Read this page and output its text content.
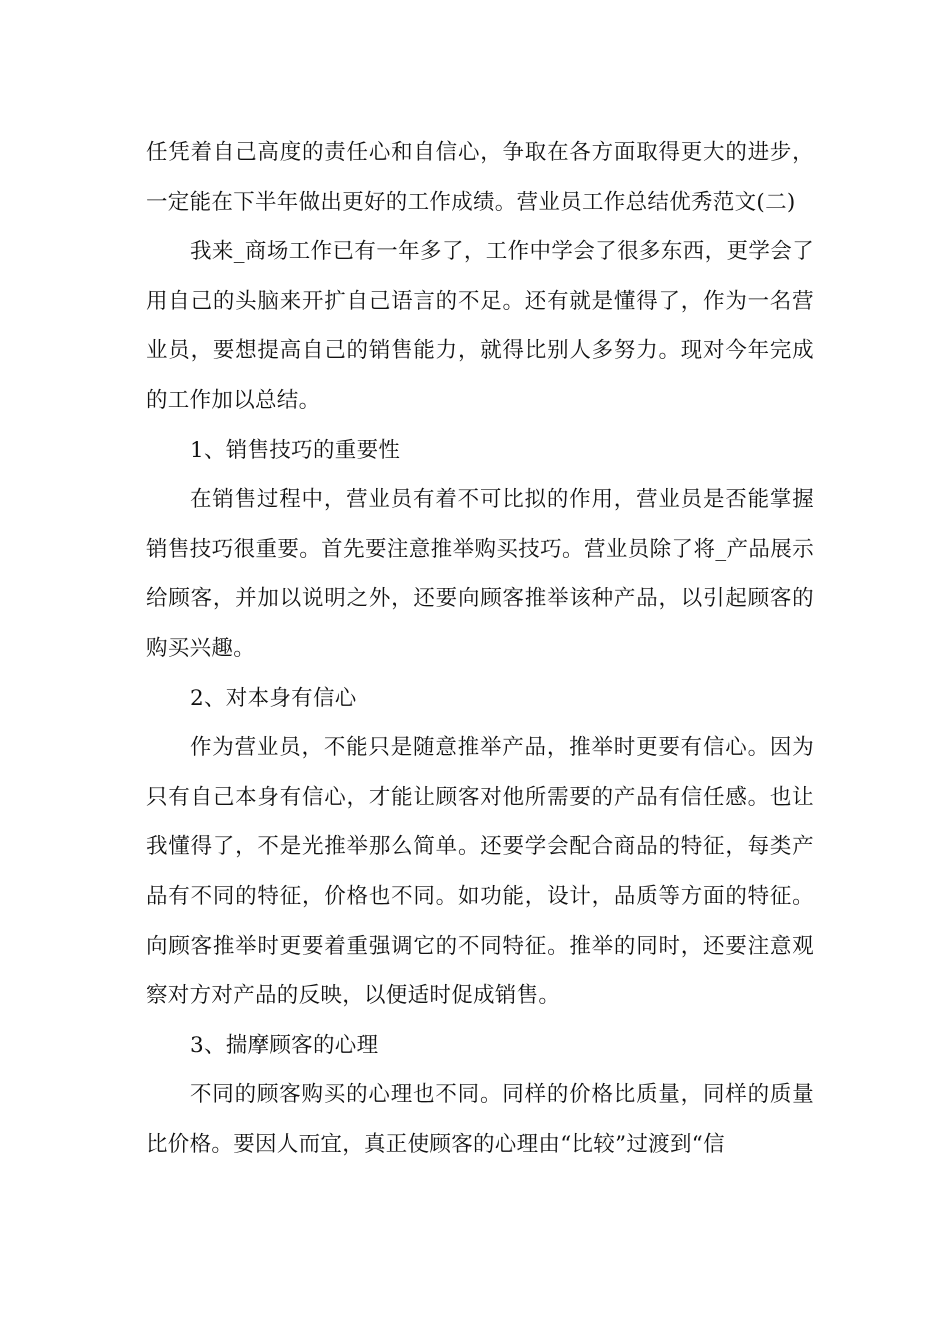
任凭着自己高度的责任心和自信心，争取在各方面取得更大的进步，一定能在下半年做出更好的工作成绩。营业员工作总结优秀范文(二)

我来_商场工作已有一年多了，工作中学会了很多东西，更学会了用自己的头脑来开扩自己语言的不足。还有就是懂得了，作为一名营业员，要想提高自己的销售能力，就得比别人多努力。现对今年完成的工作加以总结。

1、销售技巧的重要性

在销售过程中，营业员有着不可比拟的作用，营业员是否能掌握销售技巧很重要。首先要注意推举购买技巧。营业员除了将_产品展示给顾客，并加以说明之外，还要向顾客推举该种产品，以引起顾客的购买兴趣。

2、对本身有信心

作为营业员，不能只是随意推举产品，推举时更要有信心。因为只有自己本身有信心，才能让顾客对他所需要的产品有信任感。也让我懂得了，不是光推举那么简单。还要学会配合商品的特征，每类产品有不同的特征，价格也不同。如功能，设计，品质等方面的特征。向顾客推举时更要着重强调它的不同特征。推举的同时，还要注意观察对方对产品的反映，以便适时促成销售。

3、揣摩顾客的心理

不同的顾客购买的心理也不同。同样的价格比质量，同样的质量比价格。要因人而宜，真正使顾客的心理由“比较”过渡到“信
